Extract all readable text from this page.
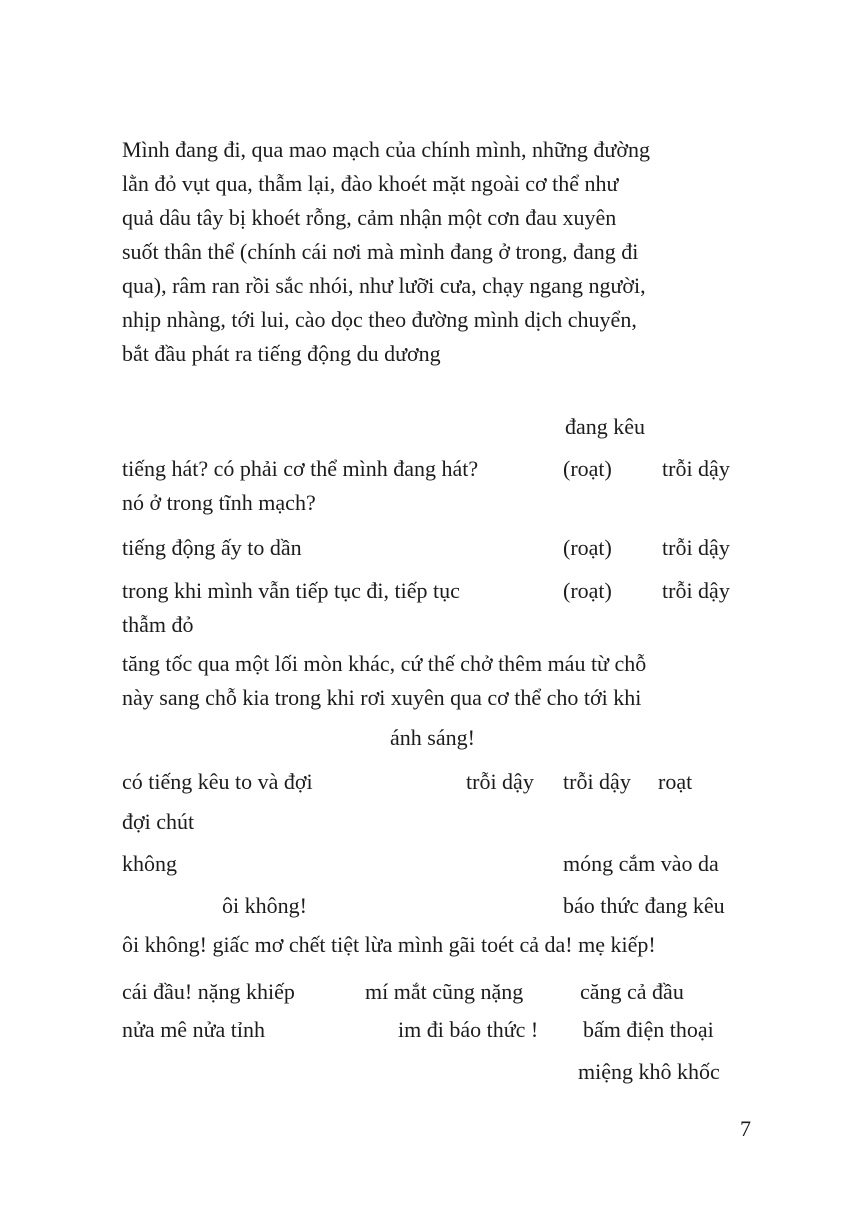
Mình đang đi, qua mao mạch của chính mình, những đường
lằn đỏ vụt qua, thẫm lại, đào khoét mặt ngoài cơ thể như
quả dâu tây bị khoét rỗng, cảm nhận một cơn đau xuyên
suốt thân thể (chính cái nơi mà mình đang ở trong, đang đi
qua), râm ran rồi sắc nhói, như lưỡi cưa, chạy ngang người,
nhịp nhàng, tới lui, cào dọc theo đường mình dịch chuyển,
bắt đầu phát ra tiếng động du dương
đang kêu
tiếng hát? có phải cơ thể mình đang hát?	(roạt) trỗi dậy
nó ở trong tĩnh mạch?
tiếng động ấy to dần	(roạt) trỗi dậy
trong khi mình vẫn tiếp tục đi, tiếp tục	(roạt) trỗi dậy
thẫm đỏ
tăng tốc qua một lối mòn khác, cứ thế chở thêm máu từ chỗ
này sang chỗ kia trong khi rơi xuyên qua cơ thể cho tới khi
ánh sáng!
có tiếng kêu to và đợi	trỗi dậy trỗi dậy roạt
đợi chút
không	móng cắm vào da
ôi không!	báo thức đang kêu
ôi không! giấc mơ chết tiệt lừa mình gãi toét cả da! mẹ kiếp!
cái đầu! nặng khiếp	mí mắt cũng nặng	căng cả đầu
nửa mê nửa tỉnh	im đi báo thức ! bấm điện thoại
miệng khô khốc
7
